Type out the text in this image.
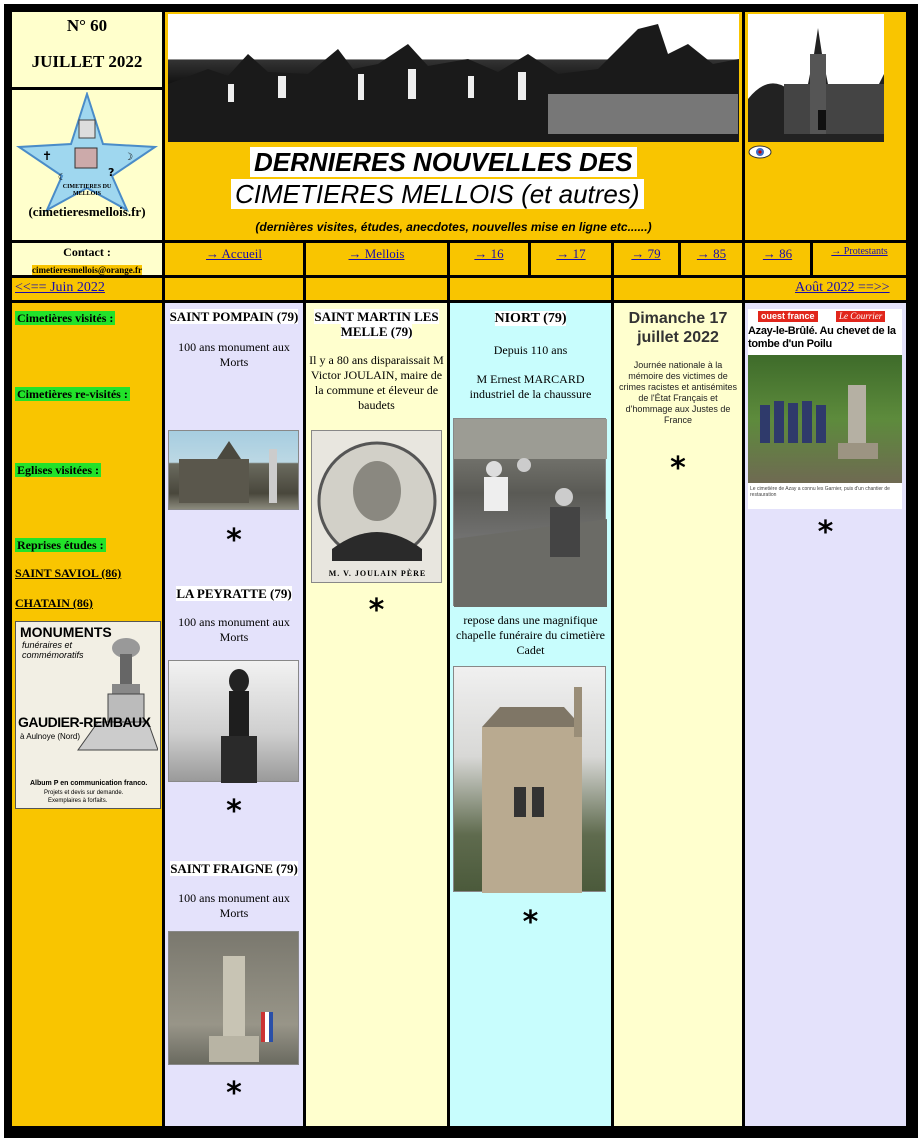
N° 60
JUILLET 2022
✝	☽
?
☾
CIMETIERES DU MELLOIS
(cimetieresmellois.fr)
DERNIERES NOUVELLES DES
CIMETIERES MELLOIS (et autres)
(dernières visites, études, anecdotes, nouvelles mise en ligne etc......)
Contact :
cimetieresmellois@orange.fr
→ Accueil	→ Mellois	→ 16	→ 17	→ 79	→ 85	→ 86	→ Protestants
<<== Juin 2022	Août 2022 ==>>
Cimetières visités :
Cimetières re-visités :
Eglises visitées :
Reprises études :
SAINT SAVIOL (86)
CHATAIN (86)
MONUMENTS
funéraires et
commémoratifs
GAUDIER-REMBAUX
à Aulnoye (Nord)
Album P en communication franco.
Projets et devis sur demande.
Exemplaires à forfaits.
SAINT POMPAIN (79)
100 ans monument aux Morts
*
LA PEYRATTE (79)
100 ans monument aux Morts
*
SAINT FRAIGNE (79)
100 ans monument aux Morts
*
SAINT MARTIN LES MELLE (79)
Il y a 80 ans disparaissait M Victor JOULAIN, maire de la commune et éleveur de baudets
M. V. JOULAIN PÈRE
*
NIORT (79)
Depuis 110 ans
M Ernest MARCARD industriel de la chaussure
repose dans une magnifique chapelle funéraire du cimetière Cadet
*
Dimanche 17 juillet 2022
Journée nationale à la mémoire des victimes de crimes racistes et antisémites de l'État Français et d'hommage aux Justes de France
*
ouest france	Le Courrier
Azay-le-Brûlé. Au chevet de la tombe d'un Poilu
Le cimetière de Azay a connu les Garnier, puis d'un chantier de restauration
*
